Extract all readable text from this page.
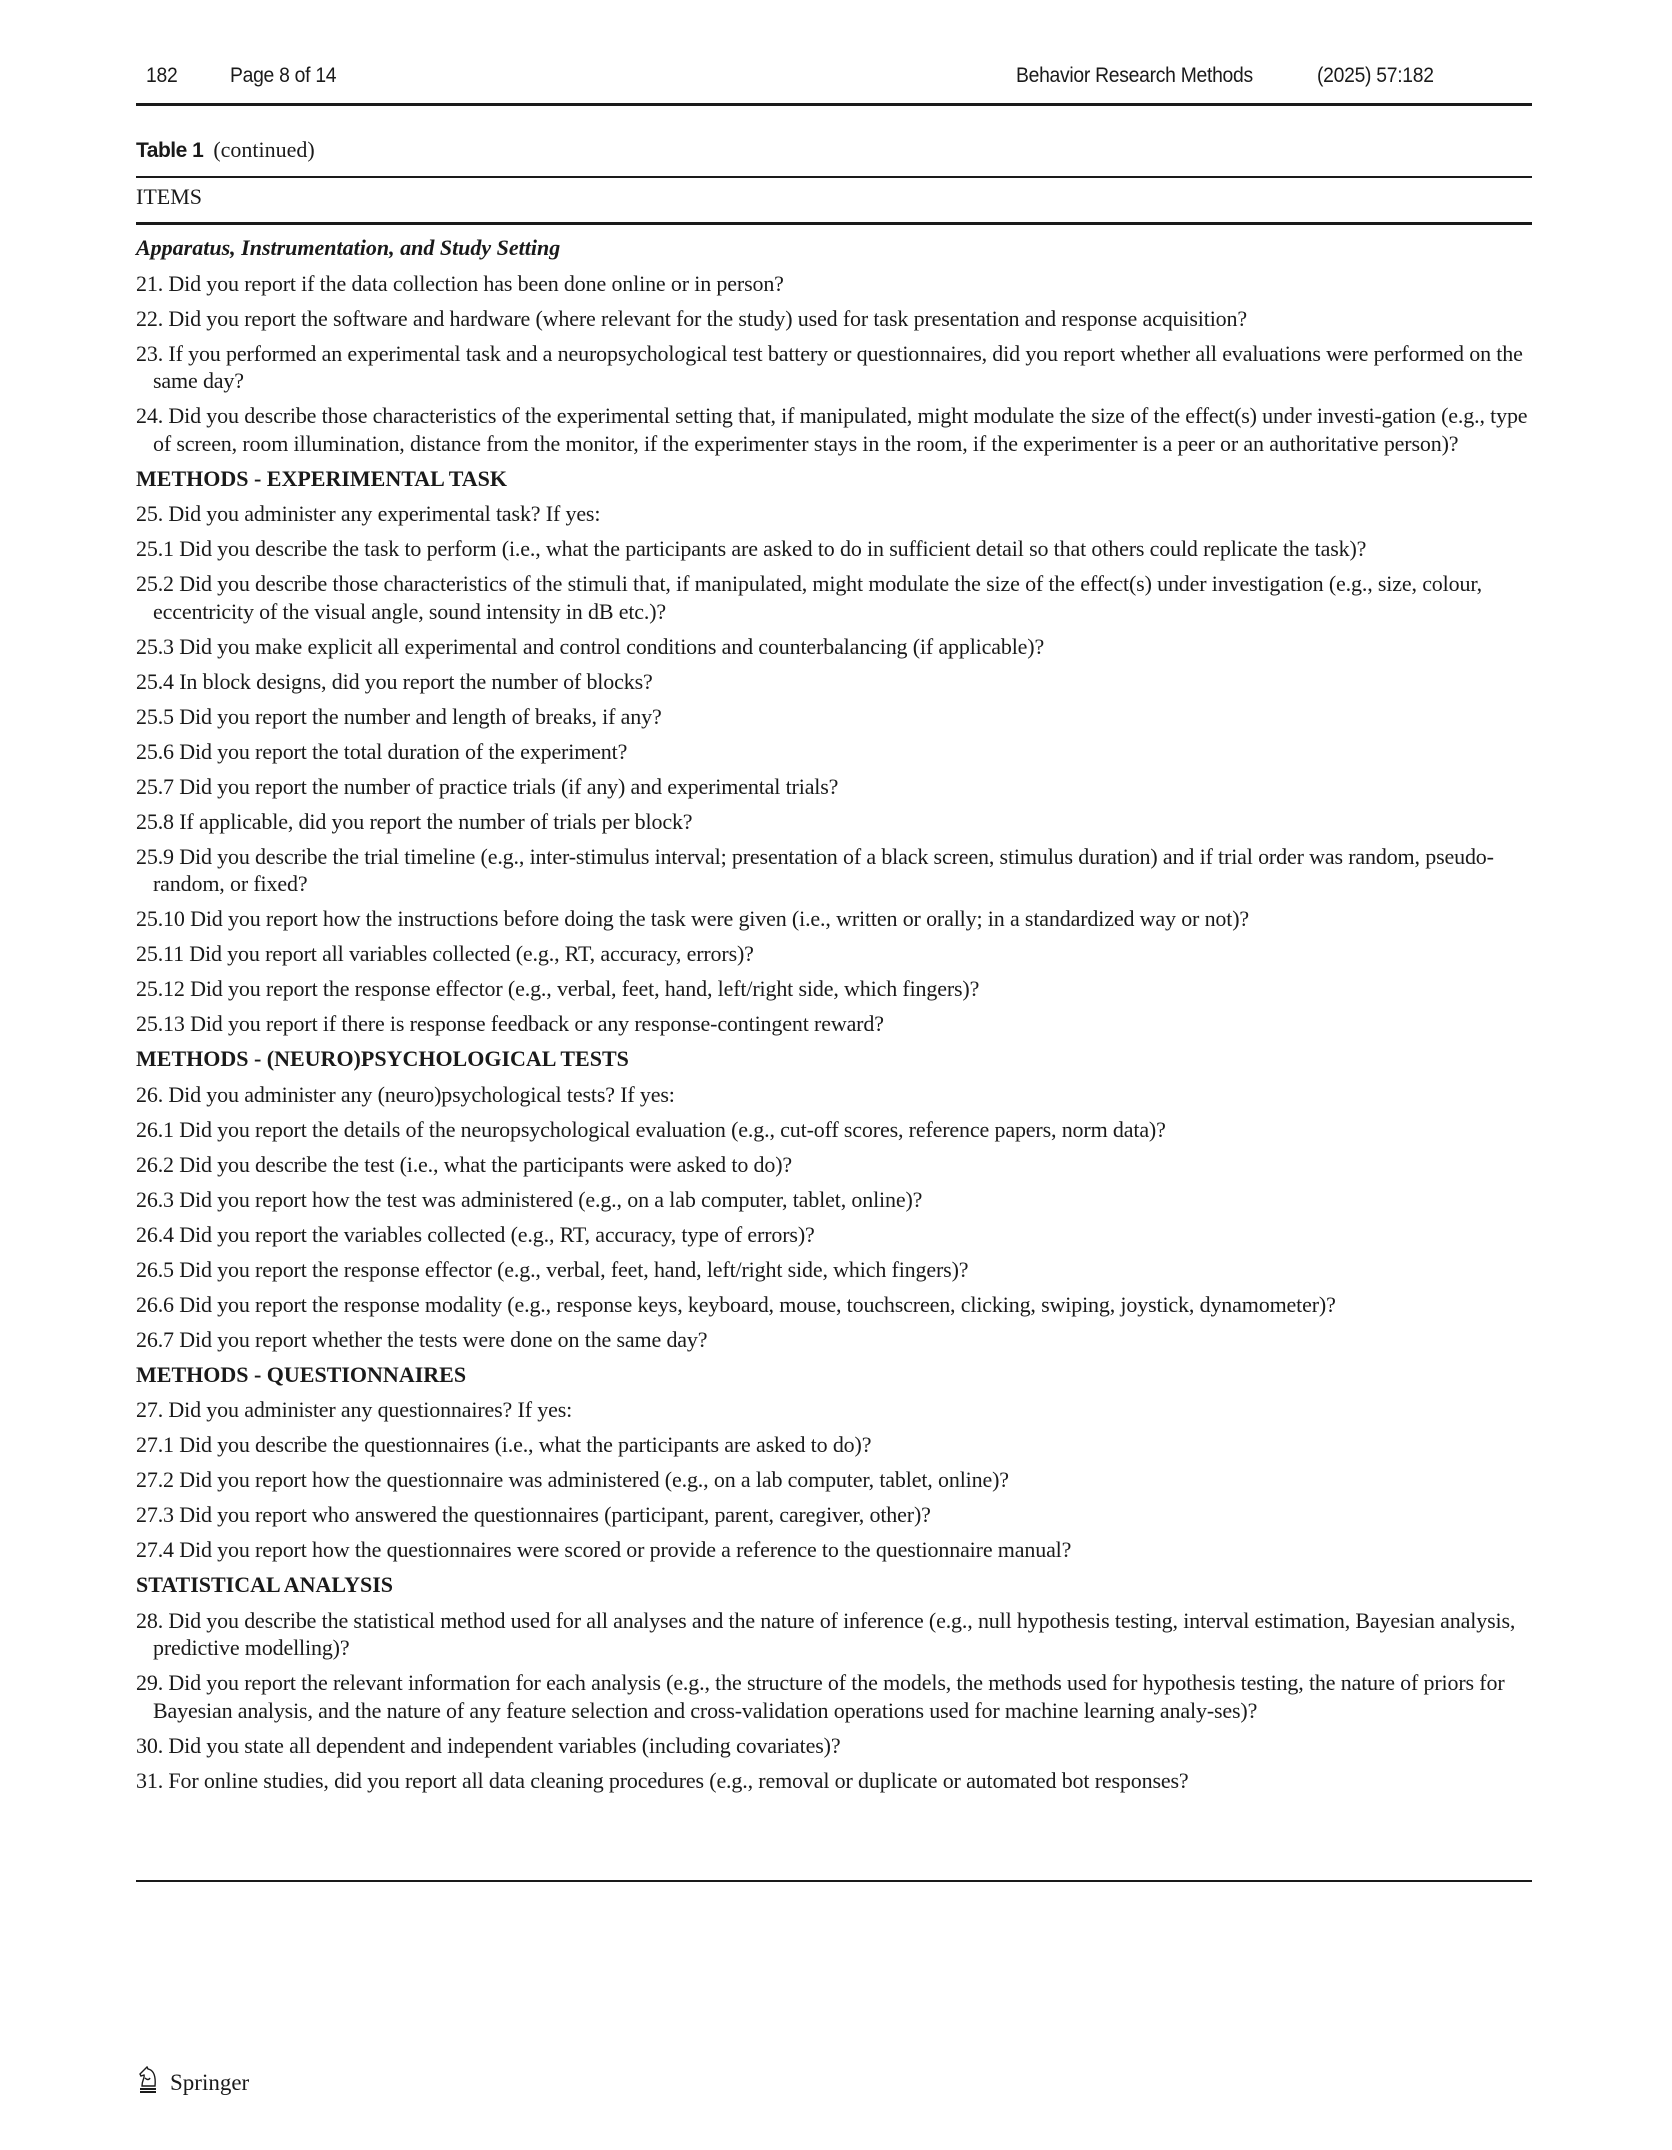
182	Page 8 of 14	Behavior Research Methods	(2025) 57:182
Table 1 (continued)
ITEMS
Apparatus, Instrumentation, and Study Setting
21. Did you report if the data collection has been done online or in person?
22. Did you report the software and hardware (where relevant for the study) used for task presentation and response acquisition?
23. If you performed an experimental task and a neuropsychological test battery or questionnaires, did you report whether all evaluations were performed on the same day?
24. Did you describe those characteristics of the experimental setting that, if manipulated, might modulate the size of the effect(s) under investi-gation (e.g., type of screen, room illumination, distance from the monitor, if the experimenter stays in the room, if the experimenter is a peer or an authoritative person)?
METHODS - EXPERIMENTAL TASK
25. Did you administer any experimental task? If yes:
25.1 Did you describe the task to perform (i.e., what the participants are asked to do in sufficient detail so that others could replicate the task)?
25.2 Did you describe those characteristics of the stimuli that, if manipulated, might modulate the size of the effect(s) under investigation (e.g., size, colour, eccentricity of the visual angle, sound intensity in dB etc.)?
25.3 Did you make explicit all experimental and control conditions and counterbalancing (if applicable)?
25.4 In block designs, did you report the number of blocks?
25.5 Did you report the number and length of breaks, if any?
25.6 Did you report the total duration of the experiment?
25.7 Did you report the number of practice trials (if any) and experimental trials?
25.8 If applicable, did you report the number of trials per block?
25.9 Did you describe the trial timeline (e.g., inter-stimulus interval; presentation of a black screen, stimulus duration) and if trial order was random, pseudo-random, or fixed?
25.10 Did you report how the instructions before doing the task were given (i.e., written or orally; in a standardized way or not)?
25.11 Did you report all variables collected (e.g., RT, accuracy, errors)?
25.12 Did you report the response effector (e.g., verbal, feet, hand, left/right side, which fingers)?
25.13 Did you report if there is response feedback or any response-contingent reward?
METHODS - (NEURO)PSYCHOLOGICAL TESTS
26. Did you administer any (neuro)psychological tests? If yes:
26.1 Did you report the details of the neuropsychological evaluation (e.g., cut-off scores, reference papers, norm data)?
26.2 Did you describe the test (i.e., what the participants were asked to do)?
26.3 Did you report how the test was administered (e.g., on a lab computer, tablet, online)?
26.4 Did you report the variables collected (e.g., RT, accuracy, type of errors)?
26.5 Did you report the response effector (e.g., verbal, feet, hand, left/right side, which fingers)?
26.6 Did you report the response modality (e.g., response keys, keyboard, mouse, touchscreen, clicking, swiping, joystick, dynamometer)?
26.7 Did you report whether the tests were done on the same day?
METHODS - QUESTIONNAIRES
27. Did you administer any questionnaires? If yes:
27.1 Did you describe the questionnaires (i.e., what the participants are asked to do)?
27.2 Did you report how the questionnaire was administered (e.g., on a lab computer, tablet, online)?
27.3 Did you report who answered the questionnaires (participant, parent, caregiver, other)?
27.4 Did you report how the questionnaires were scored or provide a reference to the questionnaire manual?
STATISTICAL ANALYSIS
28. Did you describe the statistical method used for all analyses and the nature of inference (e.g., null hypothesis testing, interval estimation, Bayesian analysis, predictive modelling)?
29. Did you report the relevant information for each analysis (e.g., the structure of the models, the methods used for hypothesis testing, the nature of priors for Bayesian analysis, and the nature of any feature selection and cross-validation operations used for machine learning analy-ses)?
30. Did you state all dependent and independent variables (including covariates)?
31. For online studies, did you report all data cleaning procedures (e.g., removal or duplicate or automated bot responses?
Springer
